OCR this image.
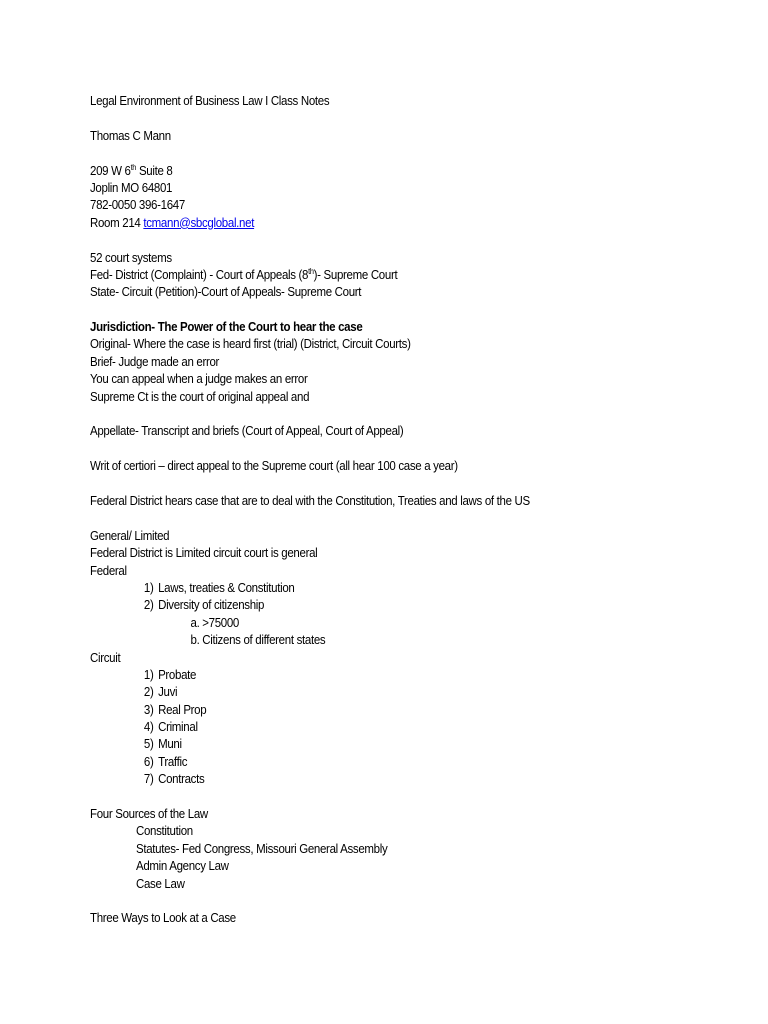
Legal Environment of Business Law I Class Notes
Thomas C Mann
209 W 6th Suite 8
Joplin MO 64801
782-0050 396-1647
Room 214 tcmann@sbcglobal.net
52 court systems
Fed- District (Complaint) - Court of Appeals (8th)- Supreme Court
State- Circuit (Petition)-Court of Appeals- Supreme Court
Jurisdiction- The Power of the Court to hear the case
Original- Where the case is heard first (trial) (District, Circuit Courts)
Brief- Judge made an error
You can appeal when a judge makes an error
Supreme Ct is the court of original appeal and
Appellate- Transcript and briefs (Court of Appeal, Court of Appeal)
Writ of certiori – direct appeal to the Supreme court (all hear 100 case a year)
Federal District hears case that are to deal with the Constitution, Treaties and laws of the US
General/ Limited
Federal District is Limited circuit court is general
Federal
1) Laws, treaties & Constitution
2) Diversity of citizenship
a. >75000
b. Citizens of different states
Circuit
1) Probate
2) Juvi
3) Real Prop
4) Criminal
5) Muni
6) Traffic
7) Contracts
Four Sources of the Law
Constitution
Statutes- Fed Congress, Missouri General Assembly
Admin Agency Law
Case Law
Three Ways to Look at a Case
